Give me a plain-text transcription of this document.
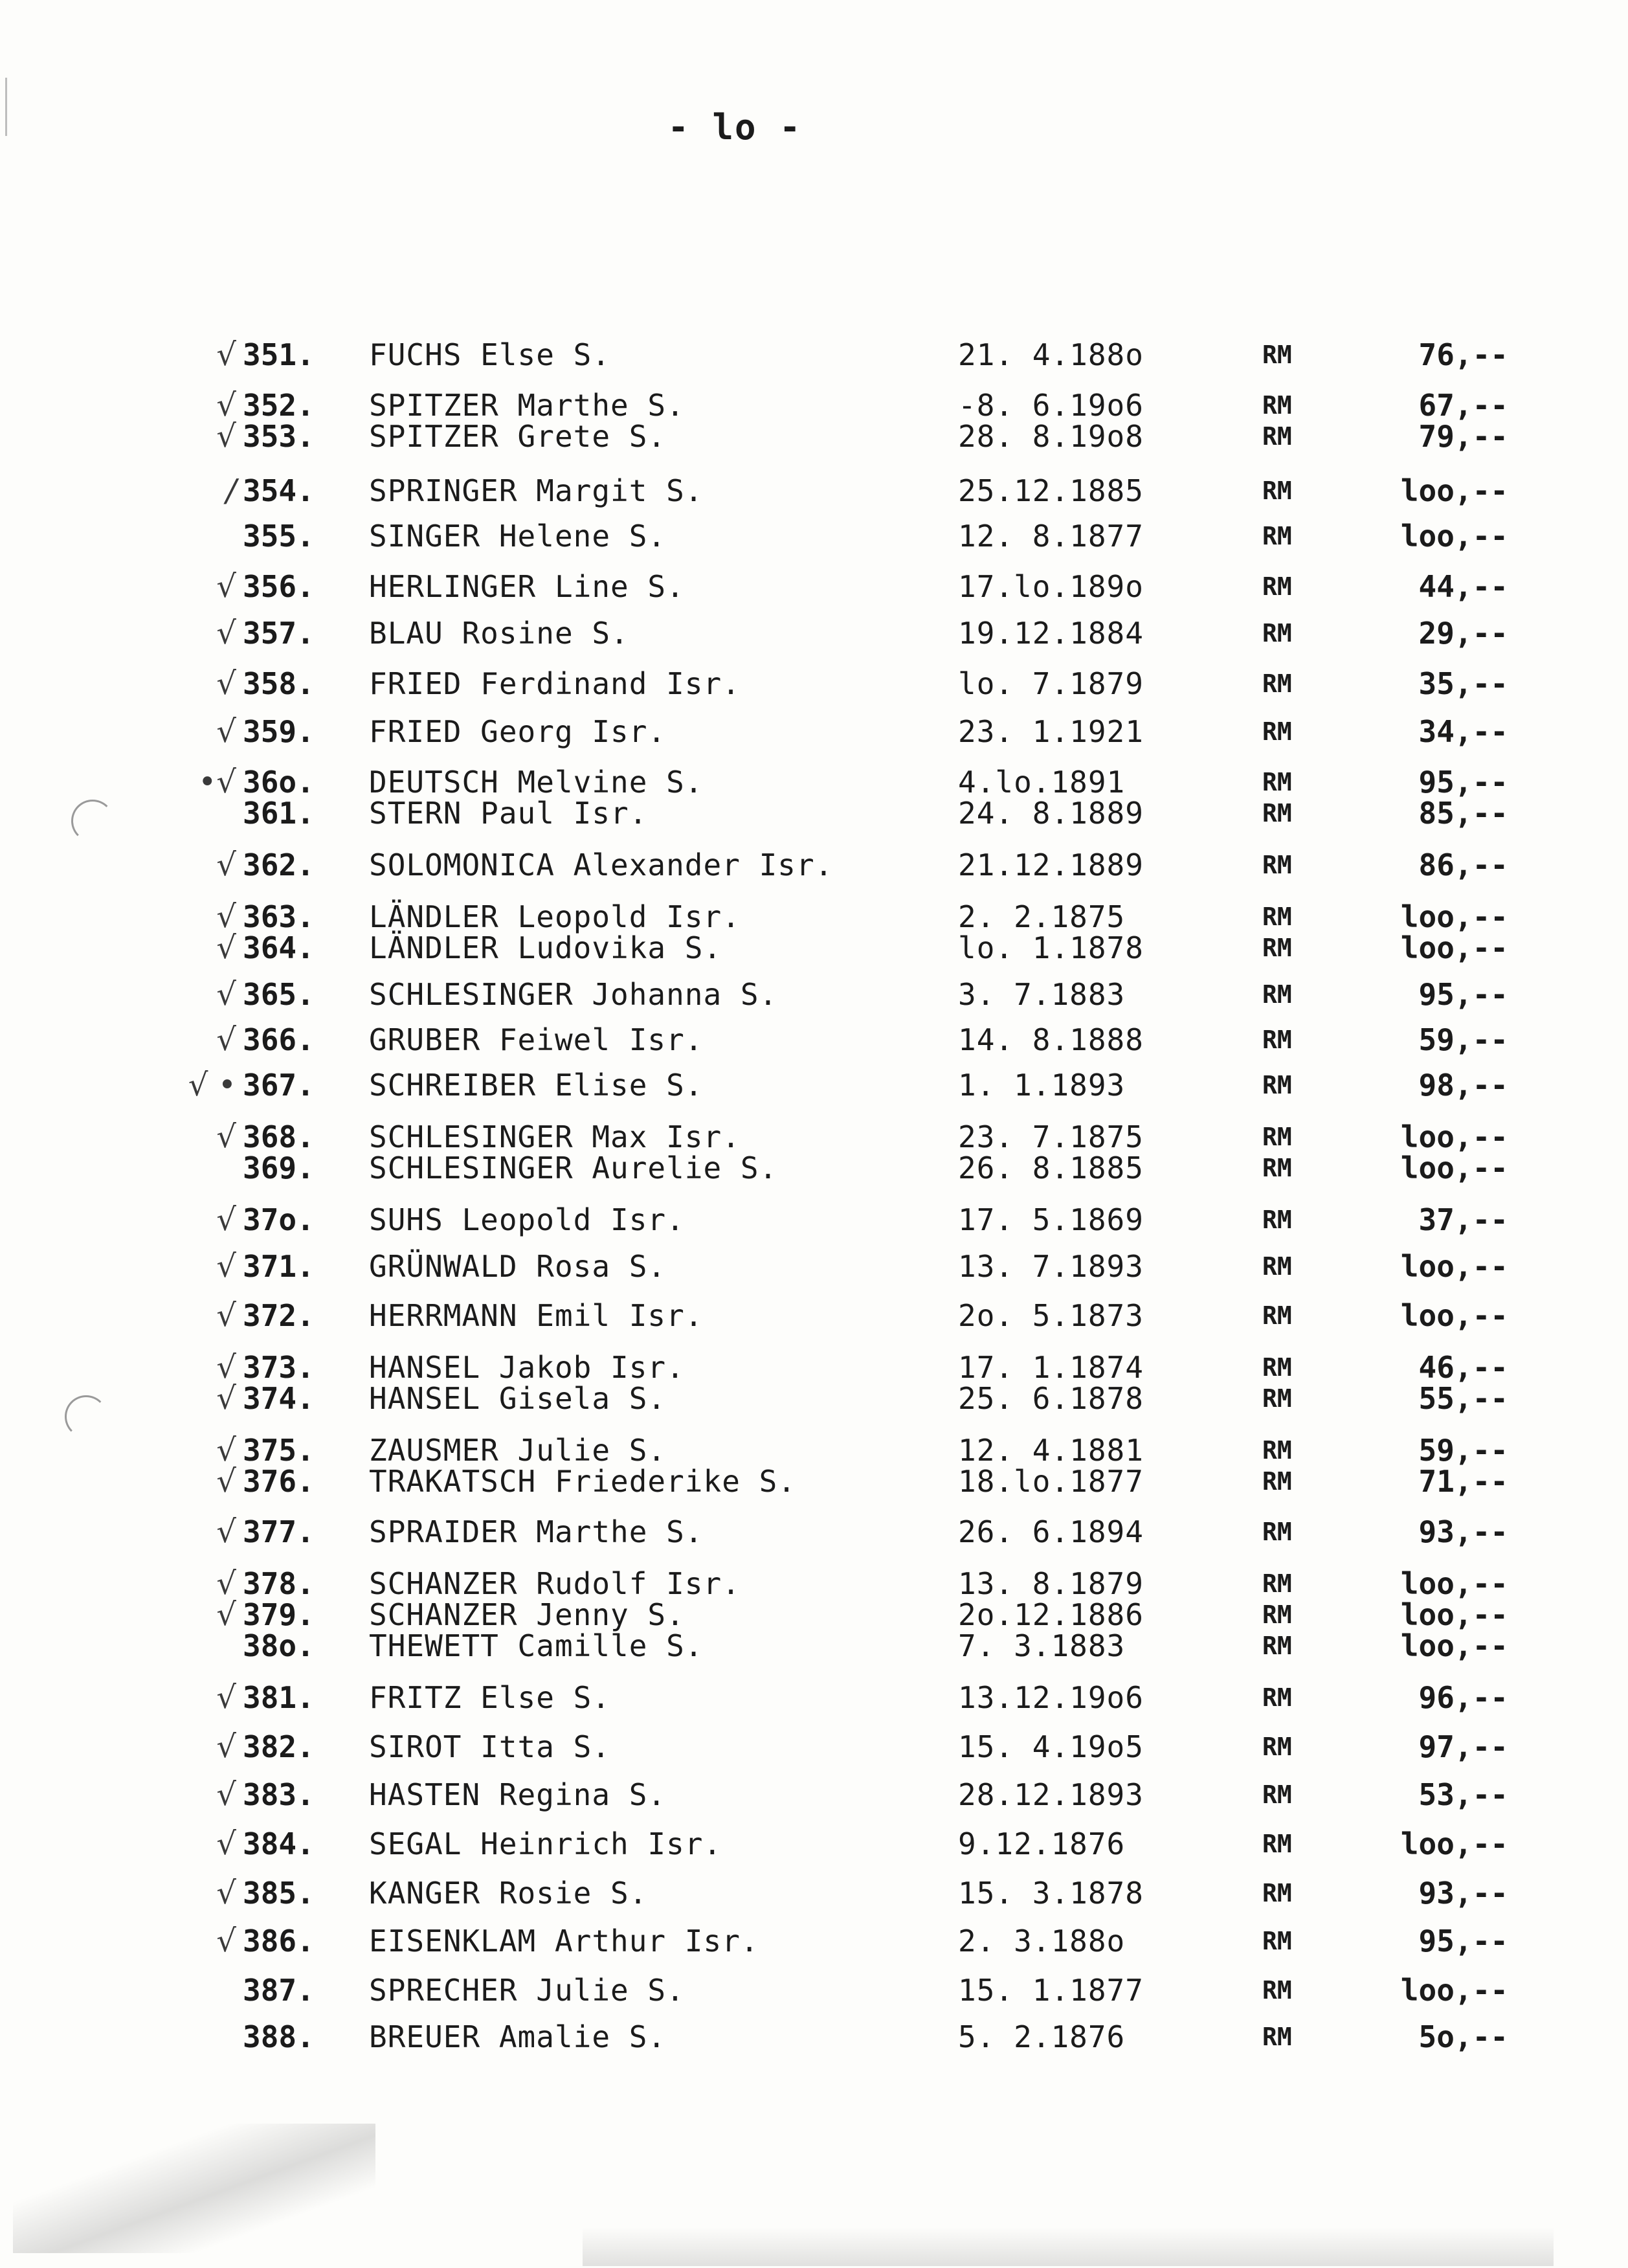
- lo -
√ 351. FUCHS Else S.	21. 4.188o	RM	76,--
√ 352. SPITZER Marthe S.	-8. 6.19o6	RM	67,--
√ 353. SPITZER Grete S.	28. 8.19o8	RM	79,--
/ 354. SPRINGER Margit S.	25.12.1885	RM	loo,--
355. SINGER Helene S.	12. 8.1877	RM	loo,--
√ 356. HERLINGER Line S.	17.lo.189o	RM	44,--
√ 357. BLAU Rosine S.	19.12.1884	RM	29,--
√ 358. FRIED Ferdinand Isr.	lo. 7.1879	RM	35,--
√ 359. FRIED Georg Isr.	23. 1.1921	RM	34,--
•√ 36o. DEUTSCH Melvine S.	4.lo.1891	RM	95,--
361. STERN Paul Isr.	24. 8.1889	RM	85,--
√ 362. SOLOMONICA Alexander Isr.	21.12.1889	RM	86,--
√ 363. LÄNDLER Leopold Isr.	2. 2.1875	RM	loo,--
√ 364. LÄNDLER Ludovika S.	lo. 1.1878	RM	loo,--
√ 365. SCHLESINGER Johanna S.	3. 7.1883	RM	95,--
√ 366. GRUBER Feiwel Isr.	14. 8.1888	RM	59,--
√ • 367. SCHREIBER Elise S.	1. 1.1893	RM	98,--
√ 368. SCHLESINGER Max Isr.	23. 7.1875	RM	loo,--
369. SCHLESINGER Aurelie S.	26. 8.1885	RM	loo,--
√ 37o. SUHS Leopold Isr.	17. 5.1869	RM	37,--
√ 371. GRÜNWALD Rosa S.	13. 7.1893	RM	loo,--
√ 372. HERRMANN Emil Isr.	2o. 5.1873	RM	loo,--
√ 373. HANSEL Jakob Isr.	17. 1.1874	RM	46,--
√ 374. HANSEL Gisela S.	25. 6.1878	RM	55,--
√ 375. ZAUSMER Julie S.	12. 4.1881	RM	59,--
√ 376. TRAKATSCH Friederike S.	18.lo.1877	RM	71,--
√ 377. SPRAIDER Marthe S.	26. 6.1894	RM	93,--
√ 378. SCHANZER Rudolf Isr.	13. 8.1879	RM	loo,--
√ 379. SCHANZER Jenny S.	2o.12.1886	RM	loo,--
38o. THEWETT Camille S.	7. 3.1883	RM	loo,--
√ 381. FRITZ Else S.	13.12.19o6	RM	96,--
√ 382. SIROT Itta S.	15. 4.19o5	RM	97,--
√ 383. HASTEN Regina S.	28.12.1893	RM	53,--
√ 384. SEGAL Heinrich Isr.	9.12.1876	RM	loo,--
√ 385. KANGER Rosie S.	15. 3.1878	RM	93,--
√ 386. EISENKLAM Arthur Isr.	2. 3.188o	RM	95,--
387. SPRECHER Julie S.	15. 1.1877	RM	loo,--
388. BREUER Amalie S.	5. 2.1876	RM	5o,--
